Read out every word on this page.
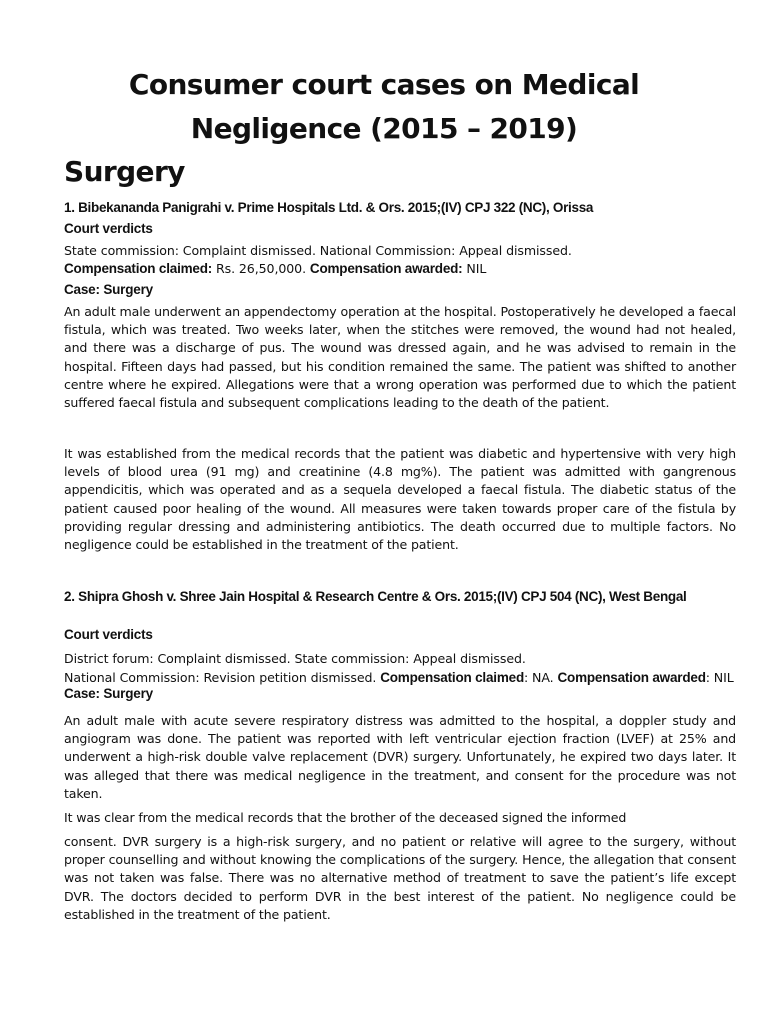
Consumer court cases on Medical
Negligence (2015 – 2019)
Surgery
1. Bibekananda Panigrahi v. Prime Hospitals Ltd. & Ors. 2015;(IV) CPJ 322 (NC), Orissa
Court verdicts
State commission: Complaint dismissed. National Commission: Appeal dismissed.
Compensation claimed: Rs. 26,50,000. Compensation awarded: NIL
Case: Surgery

An adult male underwent an appendectomy operation at the hospital. Postoperatively he developed a faecal fistula, which was treated. Two weeks later, when the stitches were removed, the wound had not healed, and there was a discharge of pus. The wound was dressed again, and he was advised to remain in the hospital. Fifteen days had passed, but his condition remained the same. The patient was shifted to another centre where he expired. Allegations were that a wrong operation was performed due to which the patient suffered faecal fistula and subsequent complications leading to the death of the patient.

It was established from the medical records that the patient was diabetic and hypertensive with very high levels of blood urea (91 mg) and creatinine (4.8 mg%). The patient was admitted with gangrenous appendicitis, which was operated and as a sequela developed a faecal fistula. The diabetic status of the patient caused poor healing of the wound. All measures were taken towards proper care of the fistula by providing regular dressing and administering antibiotics. The death occurred due to multiple factors. No negligence could be established in the treatment of the patient.

2. Shipra Ghosh v. Shree Jain Hospital & Research Centre & Ors. 2015;(IV) CPJ 504 (NC), West Bengal
Court verdicts
District forum: Complaint dismissed. State commission: Appeal dismissed.
National Commission: Revision petition dismissed. Compensation claimed: NA. Compensation awarded: NIL
Case: Surgery

An adult male with acute severe respiratory distress was admitted to the hospital, a doppler study and angiogram was done. The patient was reported with left ventricular ejection fraction (LVEF) at 25% and underwent a high-risk double valve replacement (DVR) surgery. Unfortunately, he expired two days later. It was alleged that there was medical negligence in the treatment, and consent for the procedure was not taken.

It was clear from the medical records that the brother of the deceased signed the informed

consent. DVR surgery is a high-risk surgery, and no patient or relative will agree to the surgery, without proper counselling and without knowing the complications of the surgery. Hence, the allegation that consent was not taken was false. There was no alternative method of treatment to save the patient’s life except DVR. The doctors decided to perform DVR in the best interest of the patient. No negligence could be established in the treatment of the patient.
